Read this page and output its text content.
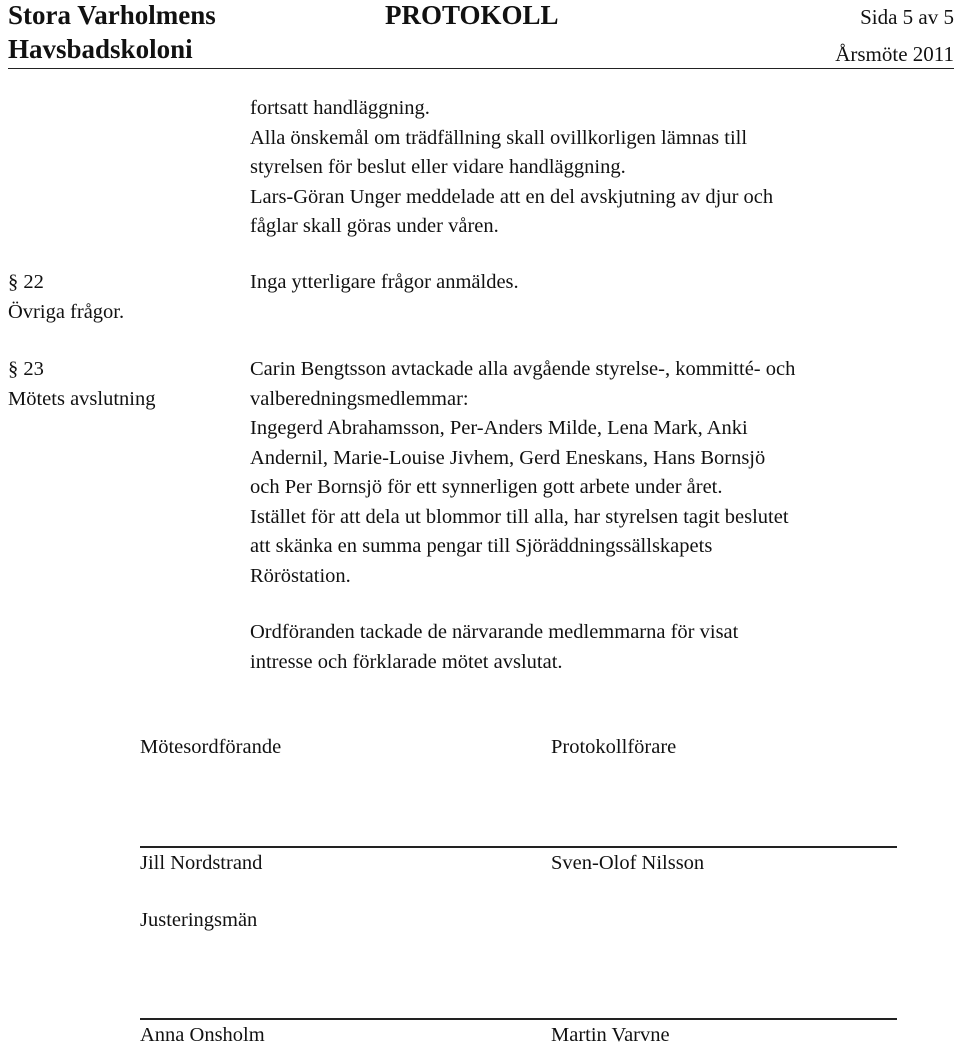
Stora Varholmens
Havsbadskoloni
PROTOKOLL	Sida 5 av 5
Årsmöte 2011
fortsatt handläggning.
Alla önskemål om trädfällning skall ovillkorligen lämnas till
styrelsen för beslut eller vidare handläggning.
Lars-Göran Unger meddelade att en del avskjutning av djur och
fåglar skall göras under våren.
§ 22
Övriga frågor.
Inga ytterligare frågor anmäldes.
§ 23
Mötets avslutning
Carin Bengtsson avtackade alla avgående styrelse-, kommitté- och
valberedningsmedlemmar:
Ingegerd Abrahamsson, Per-Anders Milde, Lena Mark, Anki
Andernil, Marie-Louise Jivhem, Gerd Eneskans, Hans Bornsjö
och Per Bornsjö för ett synnerligen gott arbete under året.
Istället för att dela ut blommor till alla, har styrelsen tagit beslutet
att skänka en summa pengar till Sjöräddningssällskapets
Röröstation.
Ordföranden tackade de närvarande medlemmarna för visat
intresse och förklarade mötet avslutat.
Mötesordförande	Protokollförare
Jill Nordstrand	Sven-Olof Nilsson
Justeringsmän
Anna Onsholm	Martin Varvne
